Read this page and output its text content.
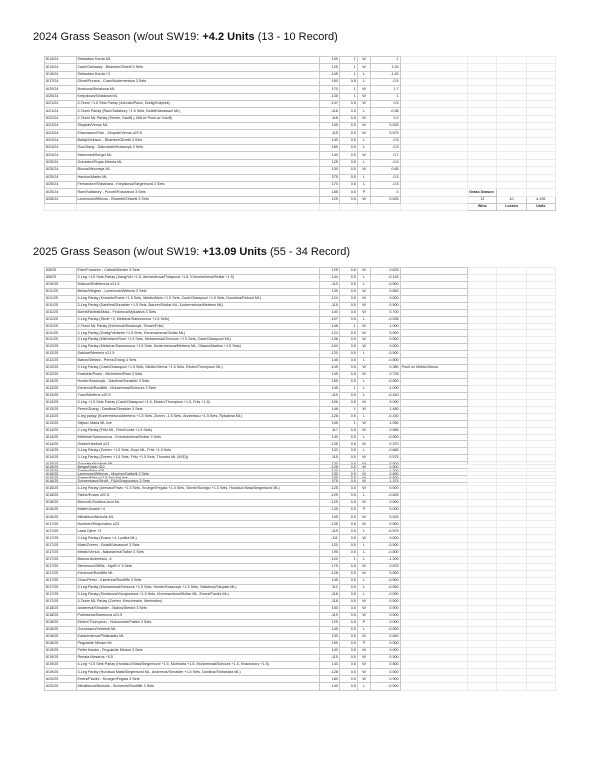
2024 Grass Season (w/out SW19: +4.2 Units (13 - 10 Record)
6/14/24	Sebastian Korda ML	100	1	W	1				
6/14/24	Cash/Galloway - Bhambri/Olivetti 3 Sets	125	1	W	1.25				
6/16/24	Sebastian Korda +3	-145	1	L	-1.45				
6/17/24	Olivet/Purava - Chan/Kudermetova 3 Sets	150	0.5	L	-0.5				
6/20/24	Noskova/Siniakova ML	170	1	W	1.7				
6/20/24	Krejcikova/Siniakova ML	-135	1	W	1				
6/21/24	2-Team +1.5 Sets Parlay (Arevalo/Pavic, Dodig/Krajicek)	-147	0.5	W	0.5				
6/21/24	2-Team Parlay (Ram/Salisbury +1.5 Sets, Bolelli/Vavassori ML)	-116	0.5	L	-0.58				
6/22/24	2-Team ML Parlay (Sinner, Gauff) (-268 w/ Push w/ Gauff)	118	0.5	W	0.2				
6/23/24	Skupski/Venus ML	105	0.5	W	0.525				
6/23/24	Khachanov/Fritz - Skupski/Venus o20.5	115	0.5	W	0.575				
6/24/24	Balaji/Johnson - Bhambri/Olivetti 3 Sets	140	0.5	L	-0.5				
6/24/24	Guo/Jiang - Dabrowski/Krawczyk 3 Sets	160	0.5	L	-0.5				
6/24/24	Mahomed/Sergei ML	140	0.5	W	0.7				
6/25/24	Gonzalez/Rojas-Merola ML	125	0.5	L	-0.5				
6/25/24	Buzua/Ninomiya ML	130	0.5	W	0.65				
6/25/24	Hanlion/Martin ML	275	0.5	L	-0.5				
6/25/24	Fernandez/Shibahara - Krejcikova/Siegemund 3 Sets	170	0.5	L	-0.5				
6/25/24	Ram/Salisbury - Purcell/Rosovsvol 3 Sets	155	0.5	P	0		Grass Season		
6/28/24	Lammons/Withrow - Bhambri/Olivetti 3 Sets	125	0.5	W	0.625		13	10	4.195
							Wins	Losses	Units
2025 Grass Season (w/out SW19: +13.09 Units (55 - 34 Record)
6/8/25	Erler/Frantzen - Cabral/Miedler 3 Sets	125	0.5	W	0.625				
6/8/25	3-Leg +1.5 Sets Parlay (Jiang/Wu +1.5, Alexandrova/Putapova +1.5, Khromacheva/Stollar +1.5)	-144	0.5	L	-0.126				
6/10/25	Watson/Rolletinova o21.5	-110	0.5	L	-0.500				
6/11/25	Behar/Wegner - Lammons/Withrow 3 Sets	130	0.5	W	0.650				
6/11/25	4-Leg Parlay (Kravietz/Puetz +1.5 Sets, Mektic/Melo +1.5 Sets, Cash/Glasspool +1.5 Sets, Doumbia/Reboul ML)	-124	0.5	W	0.500				
6/11/25	3-Leg Parlay (Danilina/Shnaider +1.5 Sets, Baccer/Stollar ML, Kudermetova/Mertens ML)	-115	0.5	W	0.500				
6/11/25	Burrel/Nedrati/Maia - Fedotova/Mykaleva 3 Sets	140	0.5	W	0.700				
6/11/25	2-Leg Parlay (Struff +3, Melichar/Samsonova +1.5 Sets)	-107	0.5	L	-0.535				
6/11/25	2-Team ML Parlay (Kichenok/Krawczyk, Sinner/Fritz)	-148	1	W	1.000				
6/11/25	2-Leg Parlay (Dodig/Verbeek +1.5 Sets, Khromacheva/Stollar ML)	-124	0.5	W	0.500				
6/11/25	3-Leg Parlay (Michelsen/Rom +1.5 Sets, Muhammad/Schuurs +1.5 Sets, Cash/Glasspool ML)	-136	0.5	W	0.500				
6/12/25	3-Leg Parlay (Melichar/Samsonova +1.5 Sets, Kudermetova/Mertens ML, Olasso/Martins +1.5 Sets)	-104	0.5	W	0.500				
6/12/25	Sakkari/Mertens o21.5	-120	0.5	L	-0.500				
6/12/25	Babos/Stefani - Perez/Zhang 3 Sets	145	0.5	L	-0.500				
6/12/25	3-Leg Parlay (Cash/Glasspool +1.5 Sets, Mektic/Venus +1.5 Sets, Ebden/Thompson ML)	-145	0.5	W	0.380	Push on Mektic/Venus			
6/12/25	Krawietz/Puetz - Michelsen/Ram 3 Sets	145	0.5	W	0.725				
6/13/25	Hunter/Krawczyk - Danilina/Shnaider 3 Sets	155	0.5	L	-0.500				
6/13/25	Kichenok/Routliffe - Muhammad/Schuurs 3 Sets	145	1	L	-1.000				
6/13/25	Yuan/Mertens o20.5	-110	0.5	L	-0.440				
6/13/25	3-Leg +1.5 Sets Parlay (Cash/Glasspool +1.5, Ebden/Thompson +1.5, Fritz +1.5)	-106	0.5	W	0.090				
6/13/25	Perez/Zhang - Danilina/Shnaider 3 Sets	148	1	W	1.480				
6/13/25	4-leg parlay (Kudermetova/Mertens +1.5 Sets, Zverev -1.5 Sets, Andreescu +1.5 Sets, Rybakina ML)	-128	0.5	L	-0.430				
6/13/25	Taljaov Maria ML live	105	1	W	1.050				
6/14/25	2-Leg Parlay (Fritz ML, Fritz/Korda +1.5 Sets)	117	0.5	W	0.585				
6/14/25	Melichar/Samsonova - Khromacheva/Stollar 3 Sets	140	0.5	L	-0.500				
6/14/25	Glasle/Hanford o23	-135	0.5	W	0.370				
6/14/25	3-Leg Parlay (Zverev +1.5 Sets, Kuyn ML, Fritz +1.5 Sets	133	0.5	L	-0.665				
6/14/25	3-Leg Parlay (Zverev +1.5 Sets, Fritz +1.5 Sets, Thumbo ML (W/D))	115	0.5	W	0.575				
6/15/25	Gonzalez/Krajicek ML	-120	0.5	W	0.500				
6/15/25	Zverev/Fritz o25	-120	1	L	-1.200				
6/15/25	Zverev/Fritz o12.5 2nd Set line	-155	0.5	W	0.500				
6/15/25	Berga/Diallo o22	-125	0.5	W	0.500				
6/16/25	Lammons/Withrow - Mochez/Dalbelli 3 Sets	130	0.5	W	0.650				
6/16/25	Schoenhaus/Struff - FAA/Shapovalov 3 Sets	275	0.5	W	1.375				
6/16/25	4-Leg Parlay (Arevalo/Pavic +1.5 Sets, Krueger/Fegala +1.5 Sets, Sinner/Sonego +1.5 Sets, Hurdaud Mata/Siegemund ML)	-125	0.5	W	0.500				
6/16/25	Tiafoe/Evans o22.5	-125	0.5	L	-0.625				
6/16/25	Bencorti-Rosibos Azul ML	-125	0.5	W	0.500				
6/16/25	Mattei Amaldi +4	-135	0.5	P	0.000				
6/16/25	Mihailikov/Nicholls ML	105	0.5	W	0.525				
6/17/25	Humbert/Shapovalov o23	-135	0.5	W	0.500				
6/17/25	Lassi Djere +3	-119	0.5	L	-0.579				
6/17/25	2-Leg Parlay (Evans +4, Lysilka ML)	-111	0.5	W	0.500				
6/17/25	Mate/Zverev - Bolelli/Vavassori 3 Sets	120	0.5	L	-0.500				
6/17/25	Mektic/Venus - Nakashima/Tiafoe 3 Sets	195	0.5	L	-0.500				
6/17/25	Bianca Andreescu -4	-120	1	L	-1.200				
6/17/25	Stevenson/Willis - NysR.V 3 Sets	175	0.5	W	0.875				
6/17/25	Kichenok/Routliffe ML	-128	0.5	W	0.500				
6/17/25	Chan/Perez - Kichenok/Routliffe 3 Sets	145	0.5	L	-0.500				
6/17/25	3-Leg Parlay (Muhammad/Schuurs +1.5 Sets, Hunter/Krawczyk +1.5 Sets, Salisbury/Skupski ML)	112	0.5	L	-0.560				
6/17/25	3-Leg Parlay (Siniakova/Vinogradova +1.5 Sets, Khromacheva/Stollar ML, Errani/Paolini ML)	-118	0.5	L	-0.590				
6/17/25	3-Team ML Parlay (Zverev, Kirschmann, Medvedev)	-118	0.5	W	0.500				
6/18/25	Andreeva/Shnaider - Babos/Stefani 3 Sets	150	0.5	W	0.900				
6/18/25	Putintseva/Siamkova o21.5	-119	0.5	W	0.500				
6/18/25	Ebden/Thompson - Holovcnets/Patten 3 Sets	125	0.5	P	0.000				
6/18/25	Goransson/Verbeek ML	145	0.5	L	-0.500				
6/18/25	Kalashnikova/Philiadakis ML	130	0.5	W	0.650				
6/18/25	Pegula/de Minaur ML	150	0.5	P	0.000				
6/19/25	Pellet Hawks - Pegula/de Minaur 3 Sets	140	0.5	W	0.900				
6/19/25	Renata Mesaros +5.5	-115	0.5	W	0.500				
6/19/25	4-Leg +1.5 Sets Parlay (Hurdaud Mata/Siegemund +1.5, Mohindra +1.5, Muhammad/Schuurs +1.5, Khachanov +1.5)	143	0.5	W	0.800				
6/19/25	3-Leg Parlay (Hurdaud Mata/Siegemund ML, Andreeva/Shnaider +1.5 Sets, Danilina/Shibahara ML)	-128	0.5	W	0.500				
6/20/25	Errani/Paolini - Krueger/Fegala 3 Sets	180	0.5	W	0.900				
6/20/25	Mihailikova/Nicholls - Kichenok/Routliffe 3 Sets	140	0.5	L	-0.500				
